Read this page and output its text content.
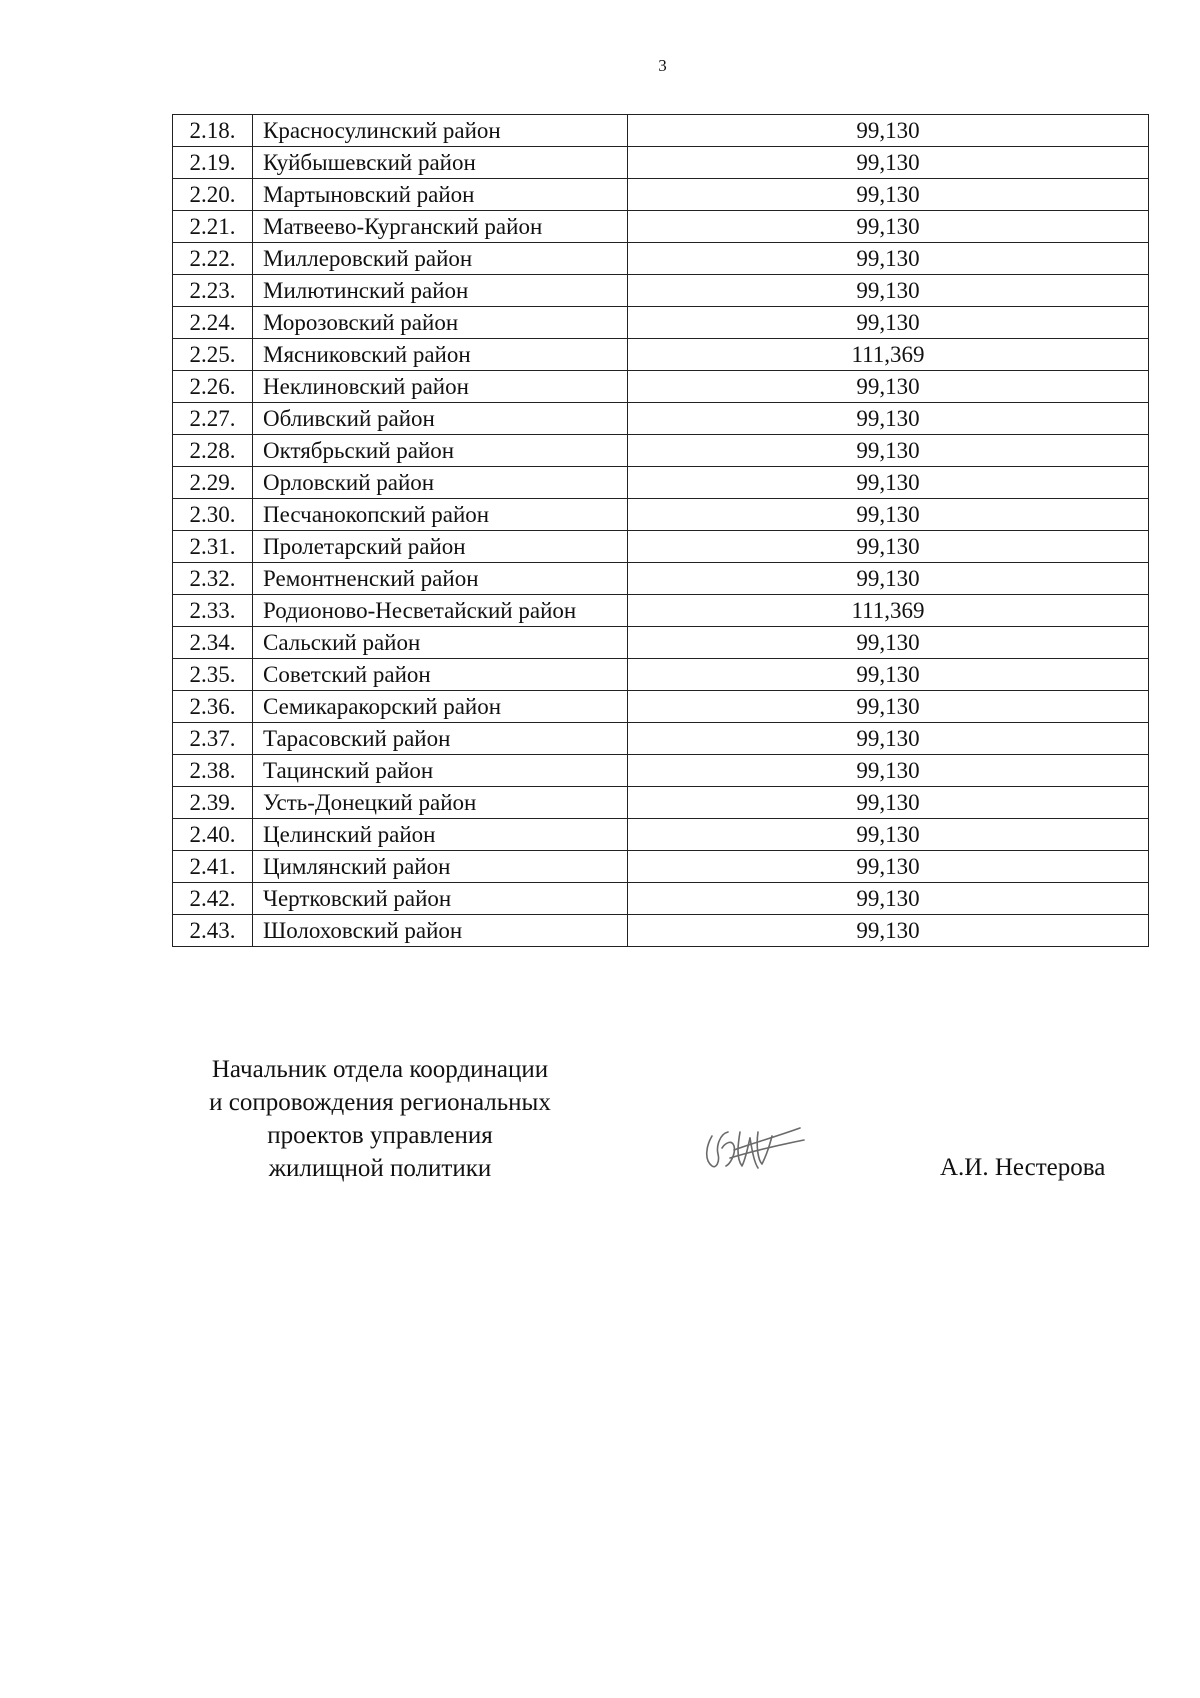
3
2.18.	Красносулинский район	99,130
2.19.	Куйбышевский район	99,130
2.20.	Мартыновский район	99,130
2.21.	Матвеево-Курганский район	99,130
2.22.	Миллеровский район	99,130
2.23.	Милютинский район	99,130
2.24.	Морозовский район	99,130
2.25.	Мясниковский район	111,369
2.26.	Неклиновский район	99,130
2.27.	Обливский район	99,130
2.28.	Октябрьский район	99,130
2.29.	Орловский район	99,130
2.30.	Песчанокопский район	99,130
2.31.	Пролетарский район	99,130
2.32.	Ремонтненский район	99,130
2.33.	Родионово-Несветайский район	111,369
2.34.	Сальский район	99,130
2.35.	Советский район	99,130
2.36.	Семикаракорский район	99,130
2.37.	Тарасовский район	99,130
2.38.	Тацинский район	99,130
2.39.	Усть-Донецкий район	99,130
2.40.	Целинский район	99,130
2.41.	Цимлянский район	99,130
2.42.	Чертковский район	99,130
2.43.	Шолоховский район	99,130
Начальник отдела координации
и сопровождения региональных
проектов управления
жилищной политики	А.И. Нестерова
